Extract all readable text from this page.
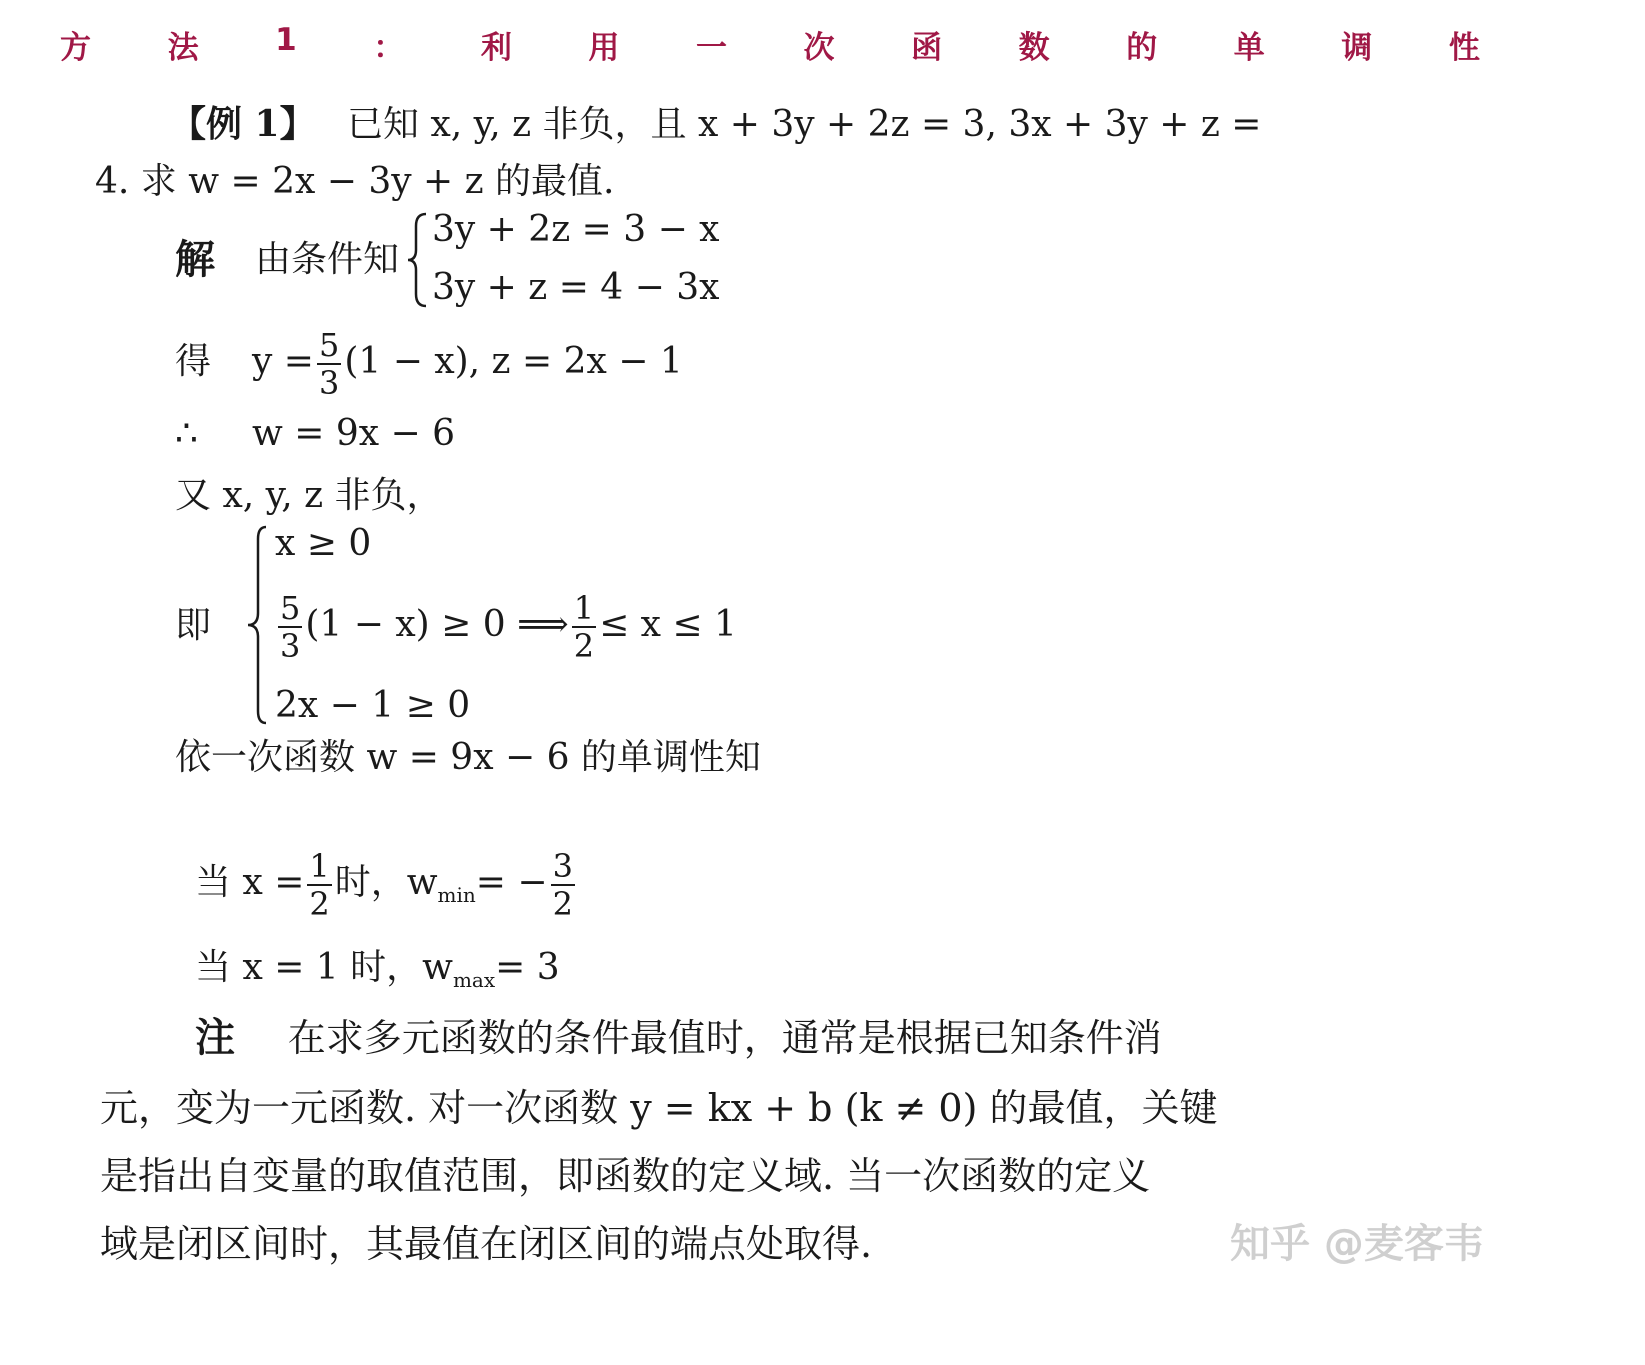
方 法 1 ： 利 用 一 次 函 数 的 单 调 性
【例 1】 已知 x, y, z 非负，且 x + 3y + 2z = 3, 3x + 3y + z =
4. 求 w = 2x − 3y + z 的最值.
解 由条件知
3y + 2z = 3 − x
3y + z = 4 − 3x
得 $y = \frac{5}{3} (1 - x)$, z = 2x − 1
∴ w = 9x − 6
又 x, y, z 非负，
即
x ≥ 0
$\frac{5}{3} (1 - x) \ge 0$ ⟹ $\frac{1}{2} \le x \le 1$
2x − 1 ≥ 0
依一次函数 w = 9x − 6 的单调性知
当 $x = \frac{1}{2}$ 时，$w_{min}= - \frac{3}{2}$
当 x = 1 时，$w_{max}= 3$
注 在求多元函数的条件最值时，通常是根据已知条件消
元，变为一元函数. 对一次函数 y = kx + b (k ≠ 0) 的最值，关键
是指出自变量的取值范围，即函数的定义域. 当一次函数的定义
域是闭区间时，其最值在闭区间的端点处取得.	知乎 @麦客韦
